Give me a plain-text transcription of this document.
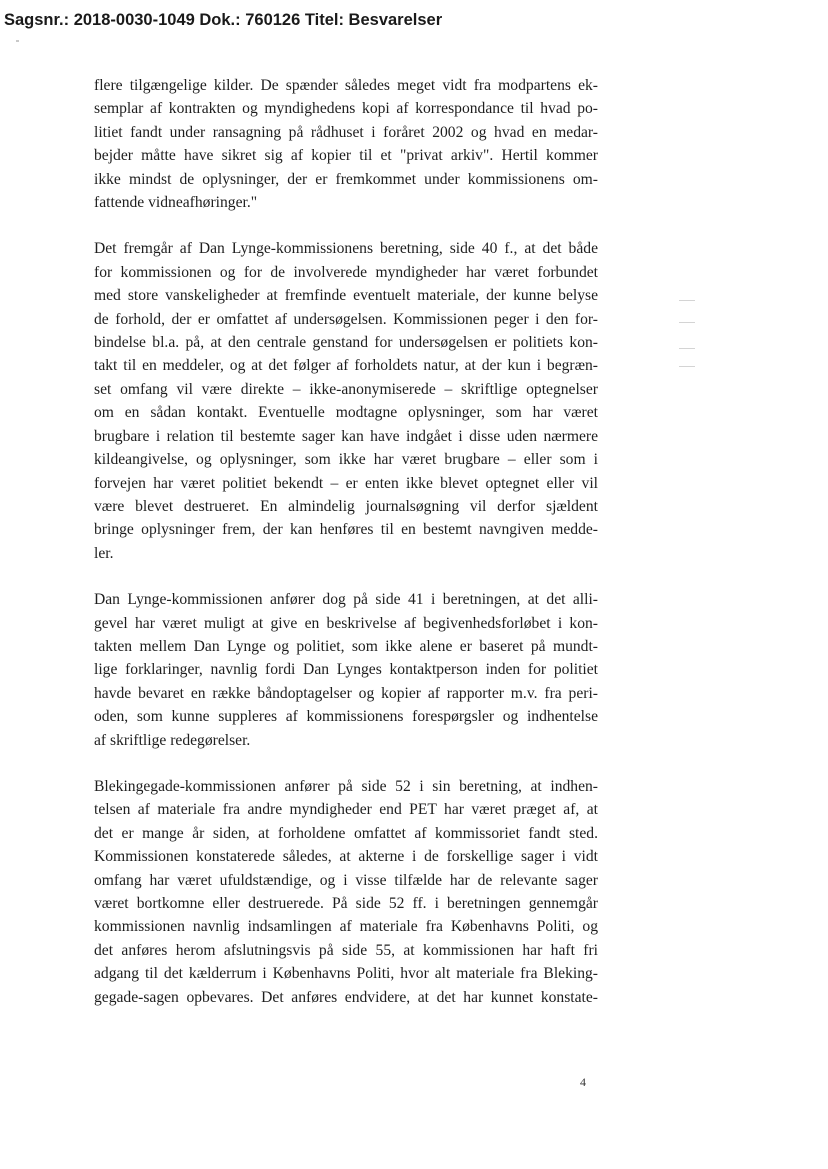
Sagsnr.: 2018-0030-1049 Dok.: 760126 Titel: Besvarelser

flere tilgængelige kilder. De spænder således meget vidt fra modpartens ek-
semplar af kontrakten og myndighedens kopi af korrespondance til hvad po-
litiet fandt under ransagning på rådhuset i foråret 2002 og hvad en medar-
bejder måtte have sikret sig af kopier til et "privat arkiv". Hertil kommer
ikke mindst de oplysninger, der er fremkommet under kommissionens om-
fattende vidneafhøringer."

Det fremgår af Dan Lynge-kommissionens beretning, side 40 f., at det både
for kommissionen og for de involverede myndigheder har været forbundet
med store vanskeligheder at fremfinde eventuelt materiale, der kunne belyse
de forhold, der er omfattet af undersøgelsen. Kommissionen peger i den for-
bindelse bl.a. på, at den centrale genstand for undersøgelsen er politiets kon-
takt til en meddeler, og at det følger af forholdets natur, at der kun i begræn-
set omfang vil være direkte – ikke-anonymiserede – skriftlige optegnelser
om en sådan kontakt. Eventuelle modtagne oplysninger, som har været
brugbare i relation til bestemte sager kan have indgået i disse uden nærmere
kildeangivelse, og oplysninger, som ikke har været brugbare – eller som i
forvejen har været politiet bekendt – er enten ikke blevet optegnet eller vil
være blevet destrueret. En almindelig journalsøgning vil derfor sjældent
bringe oplysninger frem, der kan henføres til en bestemt navngiven medde-
ler.

Dan Lynge-kommissionen anfører dog på side 41 i beretningen, at det alli-
gevel har været muligt at give en beskrivelse af begivenhedsforløbet i kon-
takten mellem Dan Lynge og politiet, som ikke alene er baseret på mundt-
lige forklaringer, navnlig fordi Dan Lynges kontaktperson inden for politiet
havde bevaret en række båndoptagelser og kopier af rapporter m.v. fra peri-
oden, som kunne suppleres af kommissionens forespørgsler og indhentelse
af skriftlige redegørelser.

Blekingegade-kommissionen anfører på side 52 i sin beretning, at indhen-
telsen af materiale fra andre myndigheder end PET har været præget af, at
det er mange år siden, at forholdene omfattet af kommissoriet fandt sted.
Kommissionen konstaterede således, at akterne i de forskellige sager i vidt
omfang har været ufuldstændige, og i visse tilfælde har de relevante sager
været bortkomne eller destruerede. På side 52 ff. i beretningen gennemgår
kommissionen navnlig indsamlingen af materiale fra Københavns Politi, og
det anføres herom afslutningsvis på side 55, at kommissionen har haft fri
adgang til det kælderrum i Københavns Politi, hvor alt materiale fra Bleking-
gegade-sagen opbevares. Det anføres endvidere, at det har kunnet konstate-

4
